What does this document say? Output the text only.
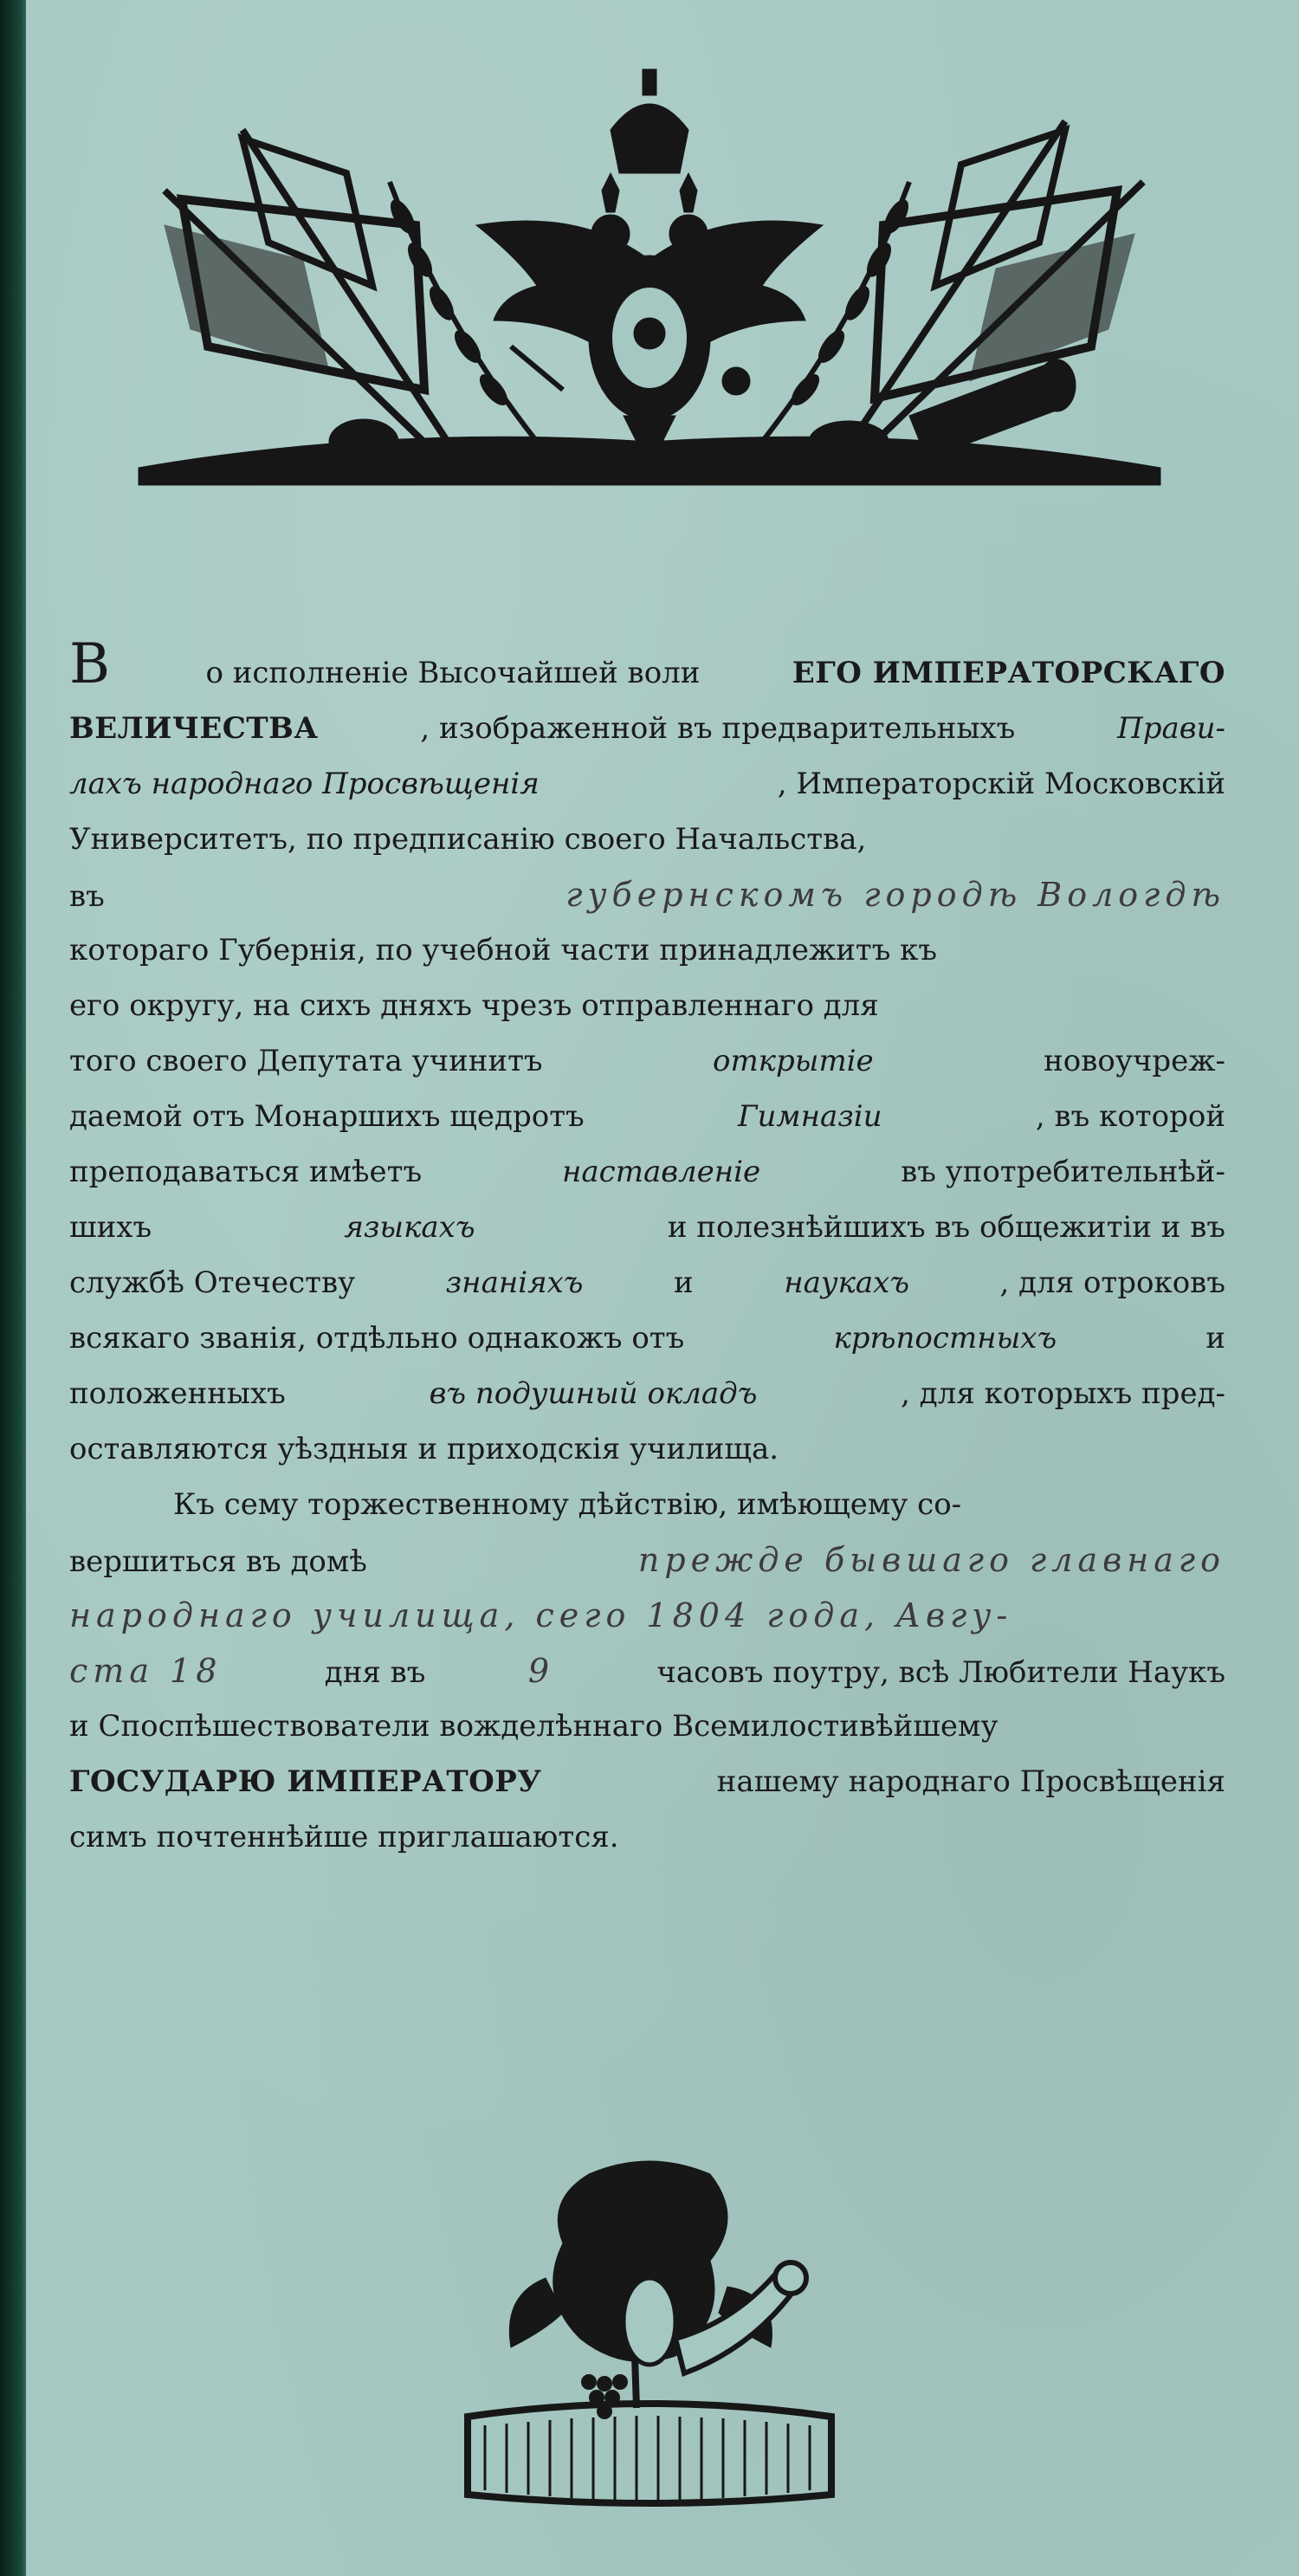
В	о исполненіе Высочайшей воли	ЕГО ИМПЕРАТОРСКАГО
ВЕЛИЧЕСТВА	, изображенной въ предварительныхъ	Прави-
лахъ народнаго Просвѣщенія	, Императорскій Московскій
Университетъ, по предписанію своего Начальства,
въ	губернскомъ городѣ Вологдѣ
котораго Губернія, по учебной части принадлежитъ къ
его округу, на сихъ дняхъ чрезъ отправленнаго для
того своего Депутата учинитъ	открытіе	новоучреж-
даемой отъ Монаршихъ щедротъ	Гимназіи	, въ которой
преподаваться имѣетъ	наставленіе	въ употребительнѣй-
шихъ	языкахъ	и полезнѣйшихъ въ общежитіи и въ
службѣ Отечеству	знаніяхъ	и	наукахъ	, для отроковъ
всякаго званія, отдѣльно однакожъ отъ	крѣпостныхъ	и
положенныхъ	въ подушный окладъ	, для которыхъ пред-
оставляются уѣздныя и приходскія училища.
Къ сему торжественному дѣйствію, имѣющему со-
вершиться въ домѣ	прежде бывшаго главнаго
народнаго училища, сего 1804 года, Авгу-
ста 18	дня въ	9	часовъ поутру, всѣ Любители Наукъ
и Споспѣшествователи вожделѣннаго Всемилостивѣйшему
ГОСУДАРЮ ИМПЕРАТОРУ	нашему народнаго Просвѣщенія
симъ почтеннѣйше приглашаются.
